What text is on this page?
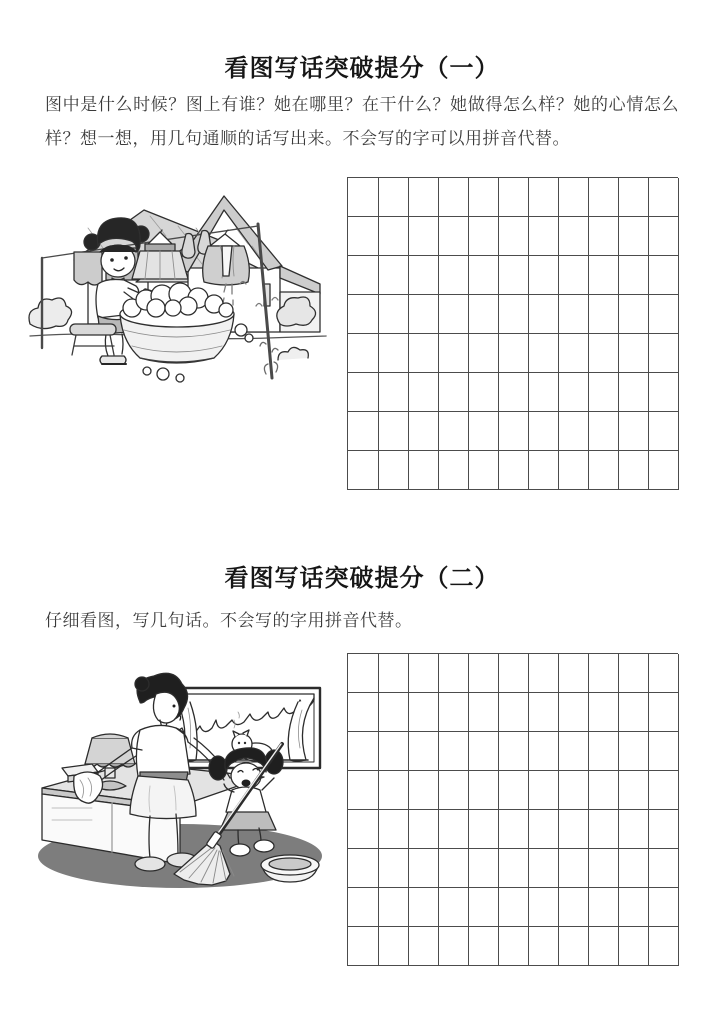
看图写话突破提分（一）
图中是什么时候？图上有谁？她在哪里？在干什么？她做得怎么样？她的心情怎么样？想一想，用几句通顺的话写出来。不会写的字可以用拼音代替。
看图写话突破提分（二）
仔细看图，写几句话。不会写的字用拼音代替。
